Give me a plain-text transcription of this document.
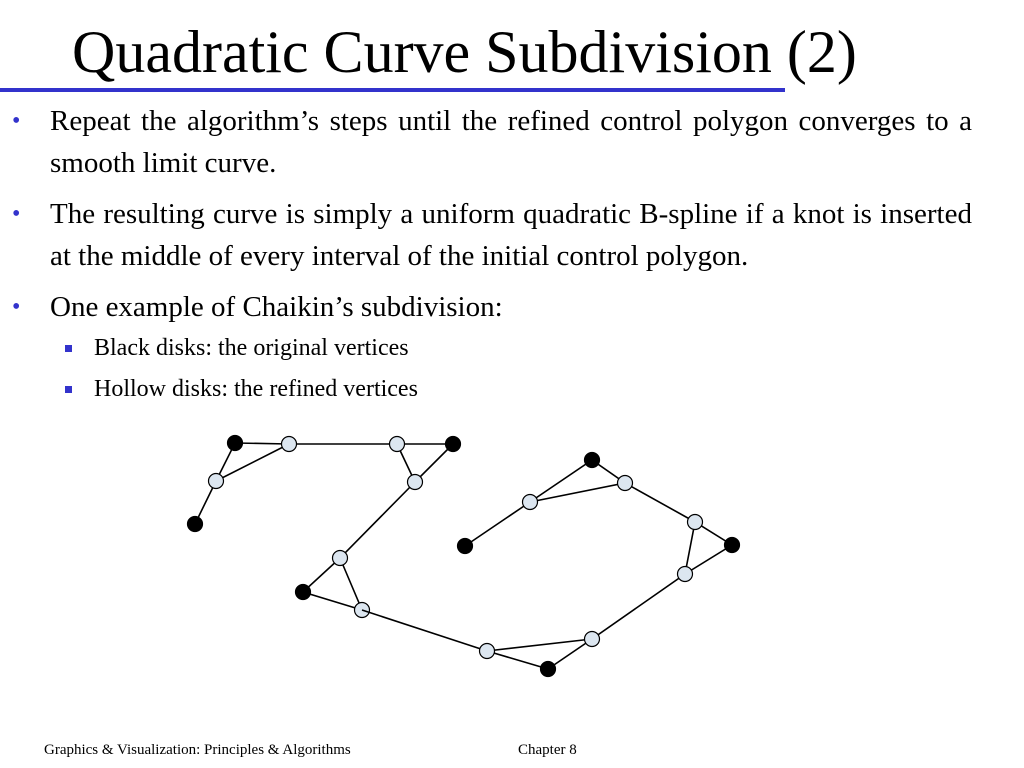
Quadratic Curve Subdivision (2)
• Repeat the algorithm’s steps until the refined control polygon converges to a smooth limit curve.
• The resulting curve is simply a uniform quadratic B-spline if a knot is inserted at the middle of every interval of the initial control polygon.
• One example of Chaikin’s subdivision:
Black disks: the original vertices
Hollow disks: the refined vertices
Graphics & Visualization: Principles & Algorithms	Chapter 8
